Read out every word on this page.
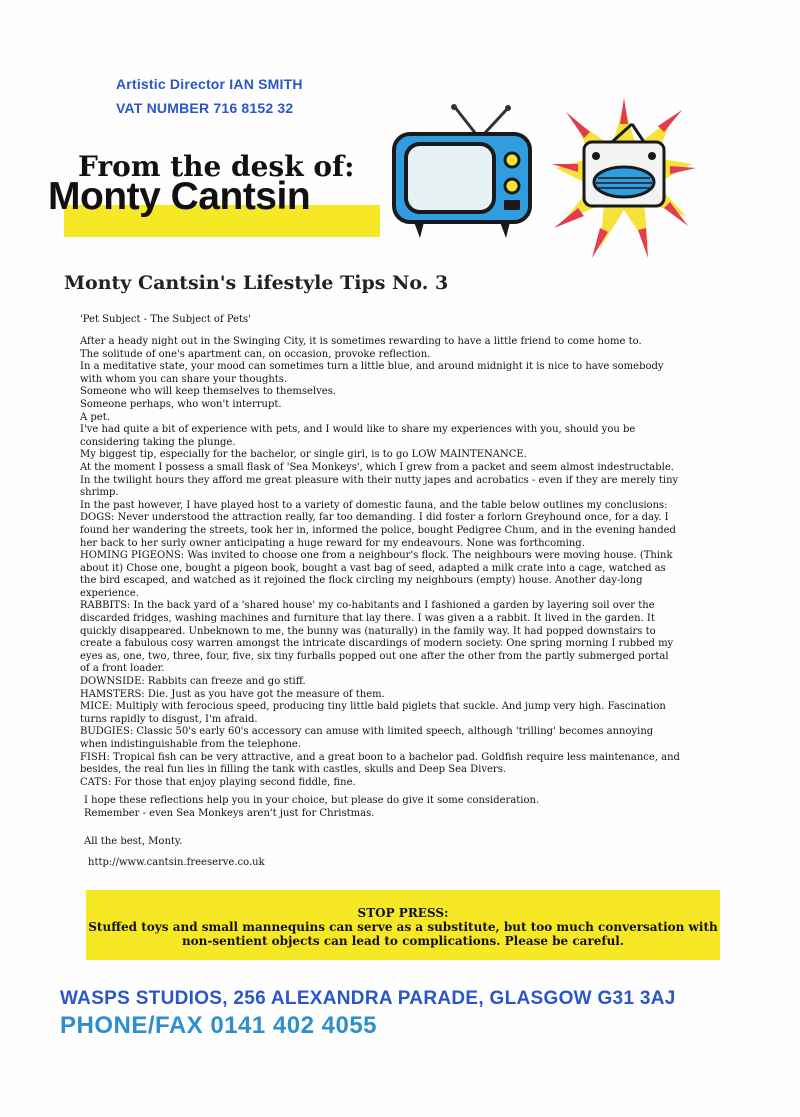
Artistic Director IAN SMITH
VAT NUMBER 716 8152 32
From the desk of:
Monty Cantsin
Monty Cantsin's Lifestyle Tips No. 3
'Pet Subject - The Subject of Pets'

After a heady night out in the Swinging City, it is sometimes rewarding to have a little friend to come home to.

The solitude of one's apartment can, on occasion, provoke reflection.

In a meditative state, your mood can sometimes turn a little blue, and around midnight it is nice to have somebody with whom you can share your thoughts.

Someone who will keep themselves to themselves.

Someone perhaps, who won't interrupt.

A pet.

I've had quite a bit of experience with pets, and I would like to share my experiences with you, should you be considering taking the plunge.

My biggest tip, especially for the bachelor, or single girl, is to go LOW MAINTENANCE.

At the moment I possess a small flask of 'Sea Monkeys', which I grew from a packet and seem almost indestructable. In the twilight hours they afford me great pleasure with their nutty japes and acrobatics - even if they are merely tiny shrimp.

In the past however, I have played host to a variety of domestic fauna, and the table below outlines my conclusions:

DOGS: Never understood the attraction really, far too demanding. I did foster a forlorn Greyhound once, for a day. I found her wandering the streets, took her in, informed the police, bought Pedigree Chum, and in the evening handed her back to her surly owner anticipating a huge reward for my endeavours. None was forthcoming.

HOMING PIGEONS: Was invited to choose one from a neighbour's flock. The neighbours were moving house. (Think about it) Chose one, bought a pigeon book, bought a vast bag of seed, adapted a milk crate into a cage, watched as the bird escaped, and watched as it rejoined the flock circling my neighbours (empty) house. Another day-long experience.

RABBITS: In the back yard of a 'shared house' my co-habitants and I fashioned a garden by layering soil over the discarded fridges, washing machines and furniture that lay there. I was given a a rabbit. It lived in the garden. It quickly disappeared. Unbeknown to me, the bunny was (naturally) in the family way. It had popped downstairs to create a fabulous cosy warren amongst the intricate discardings of modern society. One spring morning I rubbed my eyes as, one, two, three, four, five, six tiny furballs popped out one after the other from the partly submerged portal of a front loader.

DOWNSIDE: Rabbits can freeze and go stiff.

HAMSTERS: Die. Just as you have got the measure of them.

MICE: Multiply with ferocious speed, producing tiny little bald piglets that suckle. And jump very high. Fascination turns rapidly to disgust, I'm afraid.

BUDGIES: Classic 50's early 60's accessory can amuse with limited speech, although 'trilling' becomes annoying when indistinguishable from the telephone.

FISH: Tropical fish can be very attractive, and a great boon to a bachelor pad. Goldfish require less maintenance, and besides, the real fun lies in filling the tank with castles, skulls and Deep Sea Divers.

CATS: For those that enjoy playing second fiddle, fine.

I hope these reflections help you in your choice, but please do give it some consideration.

Remember - even Sea Monkeys aren't just for Christmas.

All the best, Monty.
http://www.cantsin.freeserve.co.uk
STOP PRESS:
Stuffed toys and small mannequins can serve as a substitute, but too much conversation with non-sentient objects can lead to complications. Please be careful.
WASPS STUDIOS, 256 ALEXANDRA PARADE, GLASGOW G31 3AJ
PHONE/FAX 0141 402 4055
